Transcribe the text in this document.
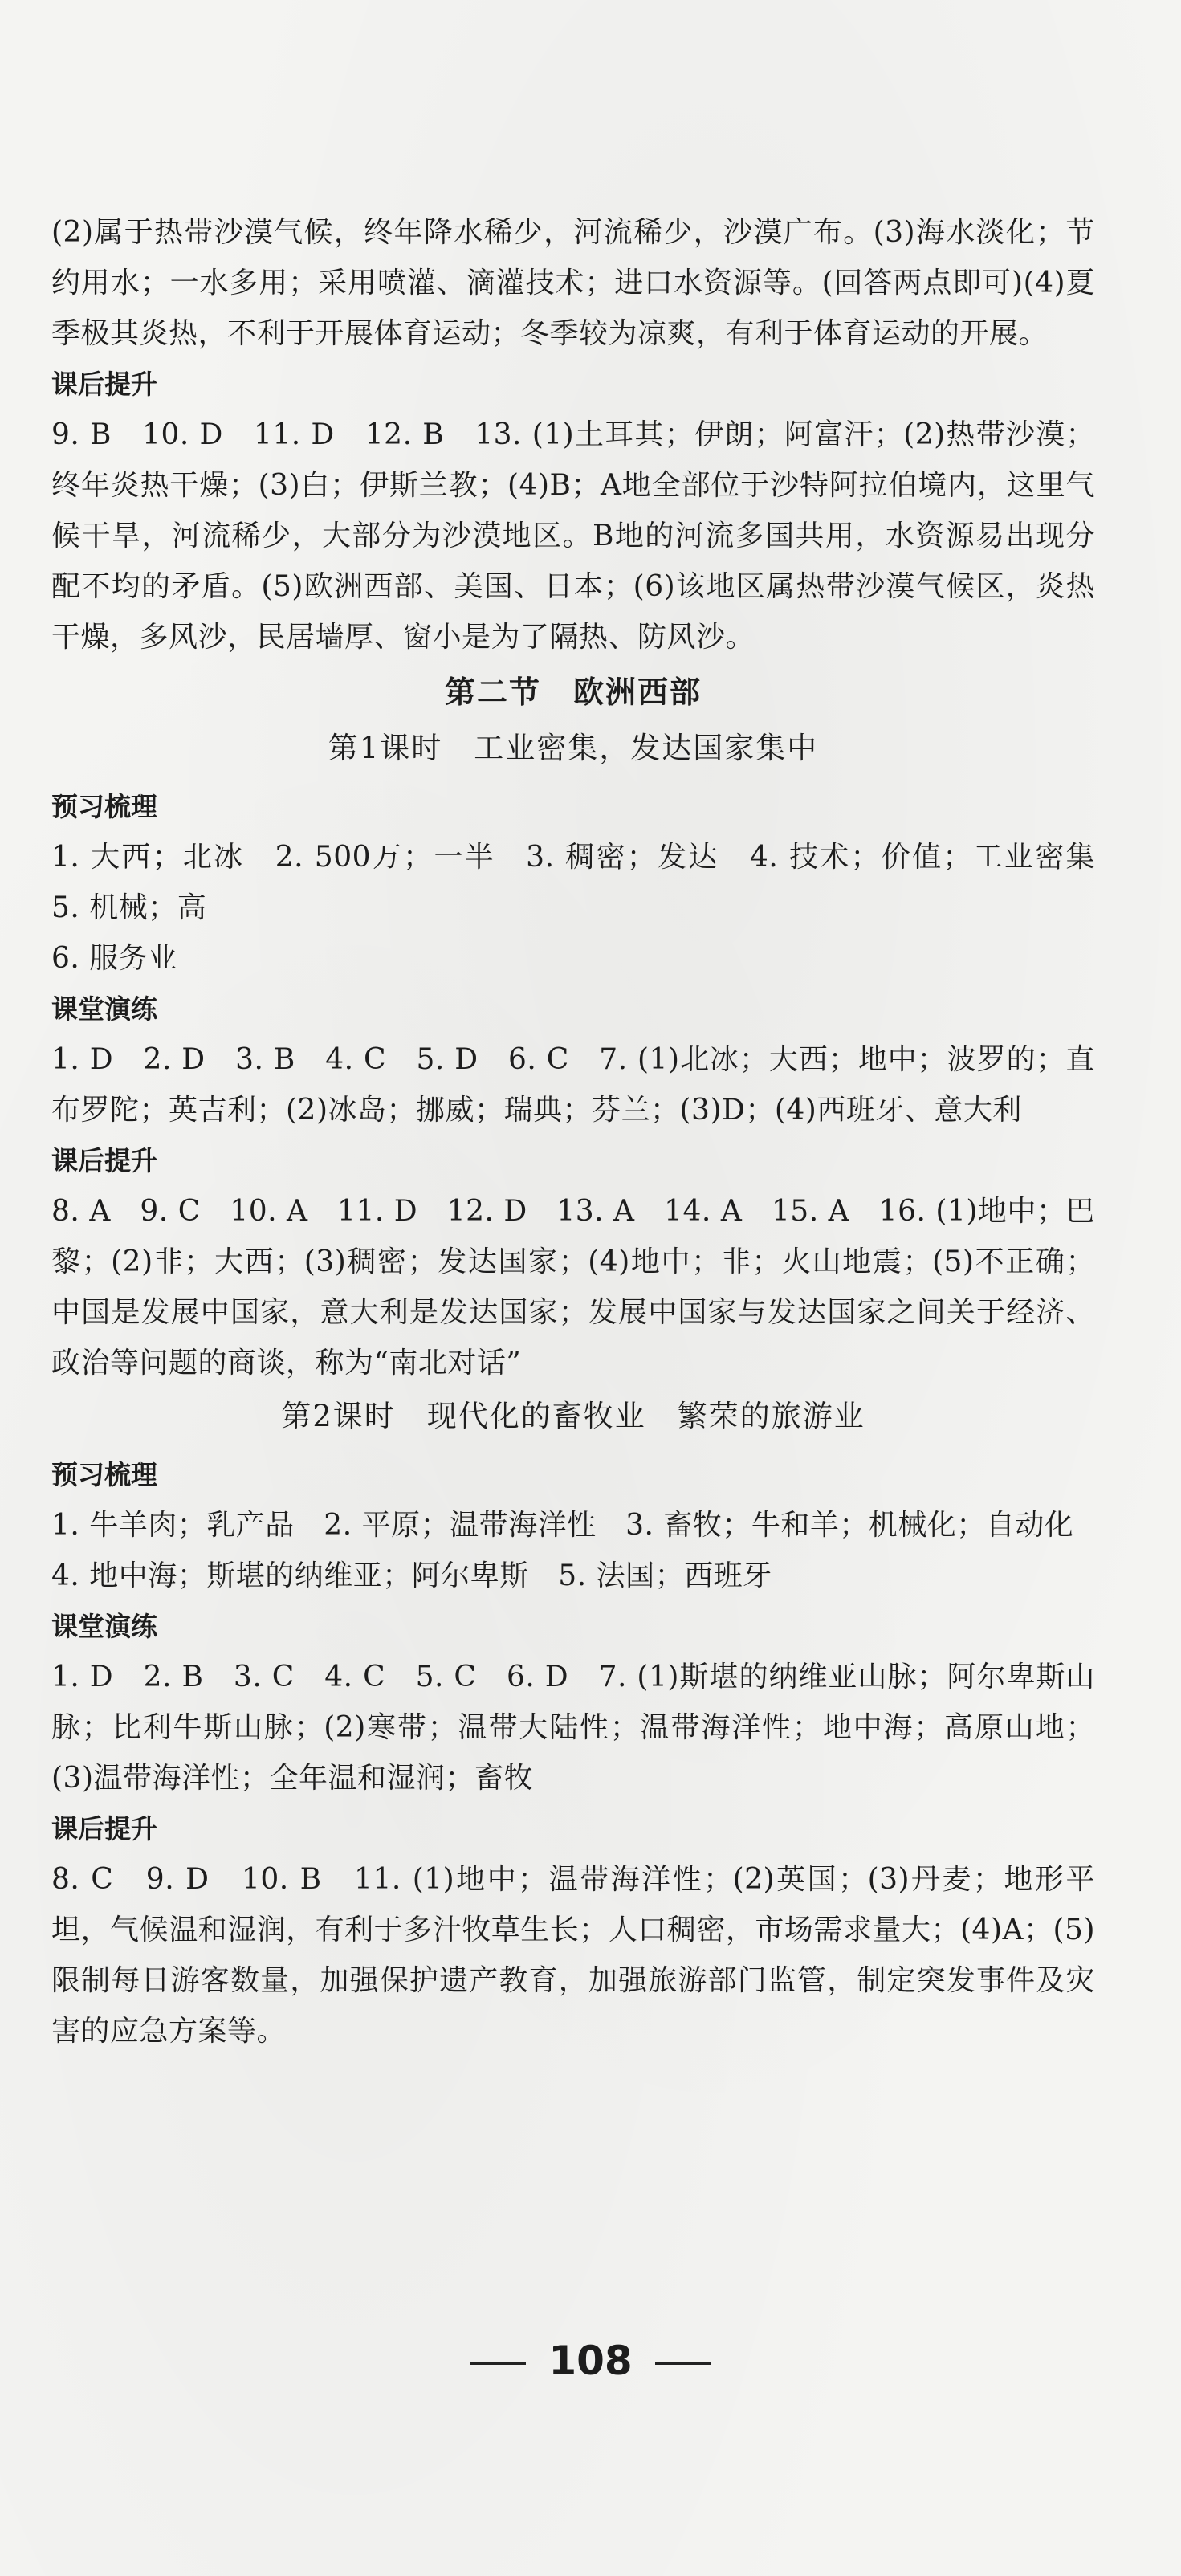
(2)属于热带沙漠气候，终年降水稀少，河流稀少，沙漠广布。(3)海水淡化；节约用水；一水多用；采用喷灌、滴灌技术；进口水资源等。(回答两点即可)(4)夏季极其炎热，不利于开展体育运动；冬季较为凉爽，有利于体育运动的开展。

课后提升

9. B　10. D　11. D　12. B　13. (1)土耳其；伊朗；阿富汗；(2)热带沙漠；终年炎热干燥；(3)白；伊斯兰教；(4)B；A地全部位于沙特阿拉伯境内，这里气候干旱，河流稀少，大部分为沙漠地区。B地的河流多国共用，水资源易出现分配不均的矛盾。(5)欧洲西部、美国、日本；(6)该地区属热带沙漠气候区，炎热干燥，多风沙，民居墙厚、窗小是为了隔热、防风沙。

第二节　欧洲西部

第1课时　工业密集，发达国家集中

预习梳理

1. 大西；北冰　2. 500万；一半　3. 稠密；发达　4. 技术；价值；工业密集　5. 机械；高

6. 服务业

课堂演练

1. D　2. D　3. B　4. C　5. D　6. C　7. (1)北冰；大西；地中；波罗的；直布罗陀；英吉利；(2)冰岛；挪威；瑞典；芬兰；(3)D；(4)西班牙、意大利

课后提升

8. A　9. C　10. A　11. D　12. D　13. A　14. A　15. A　16. (1)地中；巴黎；(2)非；大西；(3)稠密；发达国家；(4)地中；非；火山地震；(5)不正确；中国是发展中国家，意大利是发达国家；发展中国家与发达国家之间关于经济、政治等问题的商谈，称为“南北对话”

第2课时　现代化的畜牧业　繁荣的旅游业

预习梳理

1. 牛羊肉；乳产品　2. 平原；温带海洋性　3. 畜牧；牛和羊；机械化；自动化

4. 地中海；斯堪的纳维亚；阿尔卑斯　5. 法国；西班牙

课堂演练

1. D　2. B　3. C　4. C　5. C　6. D　7. (1)斯堪的纳维亚山脉；阿尔卑斯山脉；比利牛斯山脉；(2)寒带；温带大陆性；温带海洋性；地中海；高原山地；(3)温带海洋性；全年温和湿润；畜牧

课后提升

8. C　9. D　10. B　11. (1)地中；温带海洋性；(2)英国；(3)丹麦；地形平坦，气候温和湿润，有利于多汁牧草生长；人口稠密，市场需求量大；(4)A；(5)限制每日游客数量，加强保护遗产教育，加强旅游部门监管，制定突发事件及灾害的应急方案等。

108
